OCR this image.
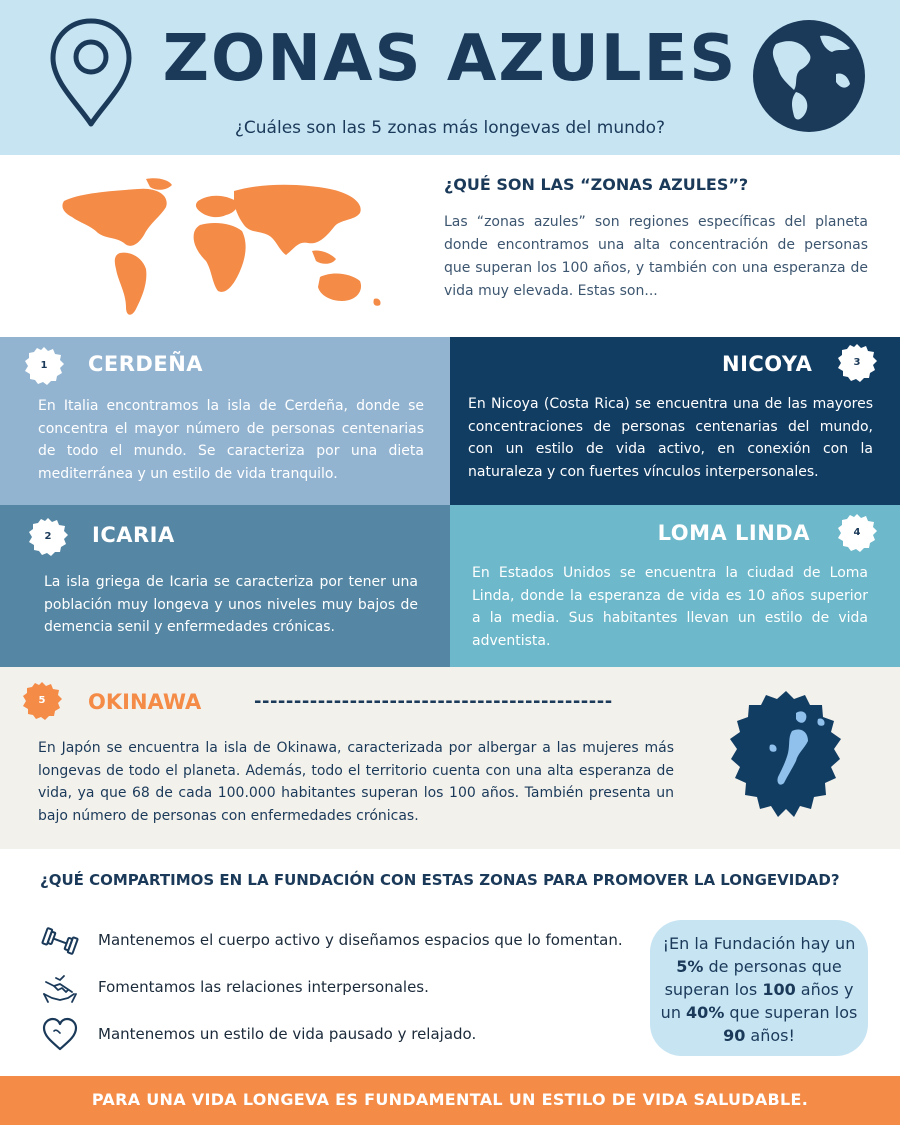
ZONAS AZULES
¿Cuáles son las 5 zonas más longevas del mundo?
¿QUÉ SON LAS “ZONAS AZULES”?

Las “zonas azules” son regiones específicas del planeta donde encontramos una alta concentración de personas que superan los 100 años, y también con una esperanza de vida muy elevada. Estas son...

1	CERDEÑA

En Italia encontramos la isla de Cerdeña, donde se concentra el mayor número de personas centenarias de todo el mundo. Se caracteriza por una dieta mediterránea y un estilo de vida tranquilo.

3
NICOYA

En Nicoya (Costa Rica) se encuentra una de las mayores concentraciones de personas centenarias del mundo, con un estilo de vida activo, en conexión con la naturaleza y con fuertes vínculos interpersonales.

2	ICARIA

La isla griega de Icaria se caracteriza por tener una población muy longeva y unos niveles muy bajos de demencia senil y enfermedades crónicas.

4
LOMA LINDA

En Estados Unidos se encuentra la ciudad de Loma Linda, donde la esperanza de vida es 10 años superior a la media. Sus habitantes llevan un estilo de vida adventista.

5	OKINAWA	---------------------------------------------

En Japón se encuentra la isla de Okinawa, caracterizada por albergar a las mujeres más longevas de todo el planeta. Además, todo el territorio cuenta con una alta esperanza de vida, ya que 68 de cada 100.000 habitantes superan los 100 años. También presenta un bajo número de personas con enfermedades crónicas.

¿QUÉ COMPARTIMOS EN LA FUNDACIÓN CON ESTAS ZONAS PARA PROMOVER LA LONGEVIDAD?
Mantenemos el cuerpo activo y diseñamos espacios que lo fomentan.
Fomentamos las relaciones interpersonales.
Mantenemos un estilo de vida pausado y relajado.
¡En la Fundación hay un
5% de personas que superan los 100 años y un 40% que superan los 90 años!
PARA UNA VIDA LONGEVA ES FUNDAMENTAL UN ESTILO DE VIDA SALUDABLE.
